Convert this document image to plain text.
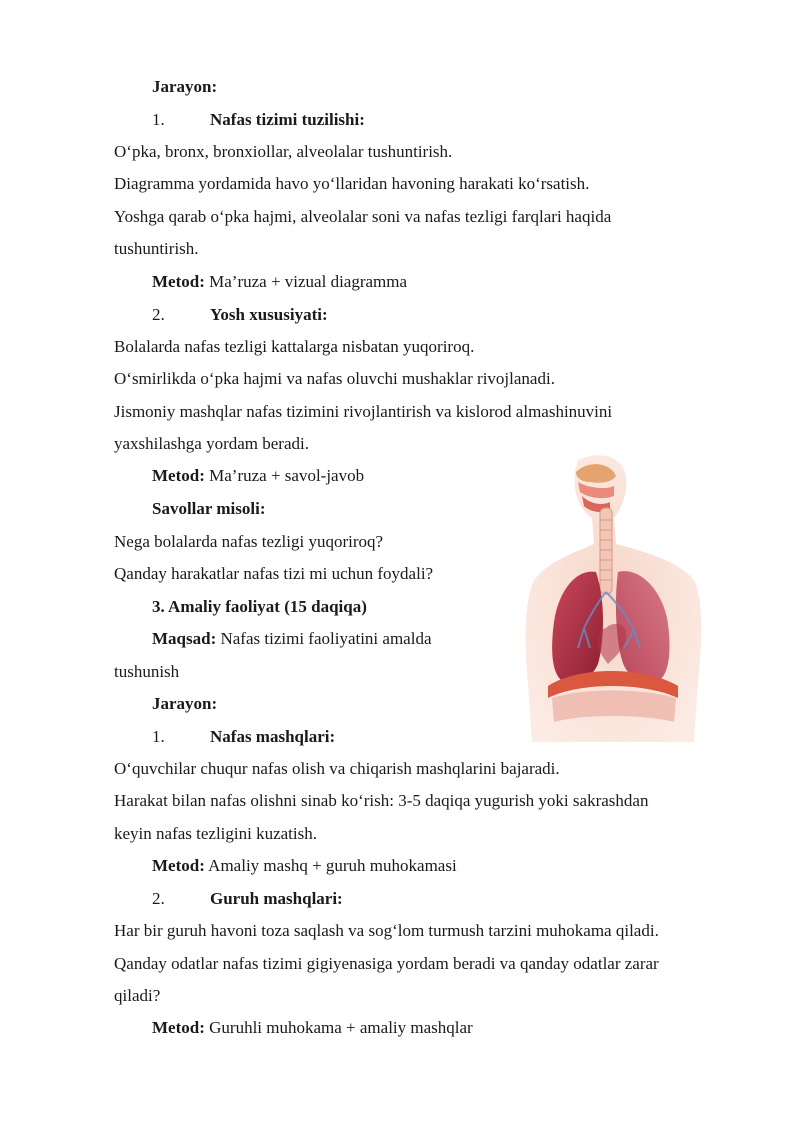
Jarayon:
1.	Nafas tizimi tuzilishi:
O‘pka, bronx, bronxiollar, alveolalar tushuntirish.
Diagramma yordamida havo yo‘llaridan havoning harakati ko‘rsatish.
Yoshga qarab o‘pka hajmi, alveolalar soni va nafas tezligi farqlari haqida
tushuntirish.
Metod: Ma’ruza + vizual diagramma
2.	Yosh xususiyati:
Bolalarda nafas tezligi kattalarga nisbatan yuqoriroq.
O‘smirlikda o‘pka hajmi va nafas oluvchi mushaklar rivojlanadi.
Jismoniy mashqlar nafas tizimini rivojlantirish va kislorod almashinuvini
yaxshilashga yordam beradi.
Metod: Ma’ruza + savol-javob
Savollar misoli:
Nega bolalarda nafas tezligi yuqoriroq?
Qanday harakatlar nafas tizi mi uchun foydali?
3. Amaliy faoliyat (15 daqiqa)
Maqsad: Nafas tizimi faoliyatini amalda
tushunish
Jarayon:
1.	Nafas mashqlari:
O‘quvchilar chuqur nafas olish va chiqarish mashqlarini bajaradi.
Harakat bilan nafas olishni sinab ko‘rish: 3-5 daqiqa yugurish yoki sakrashdan
keyin nafas tezligini kuzatish.
Metod: Amaliy mashq + guruh muhokamasi
2.	Guruh mashqlari:
Har bir guruh havoni toza saqlash va sog‘lom turmush tarzini muhokama qiladi.
Qanday odatlar nafas tizimi gigiyenasiga yordam beradi va qanday odatlar zarar
qiladi?
Metod: Guruhli muhokama + amaliy mashqlar
